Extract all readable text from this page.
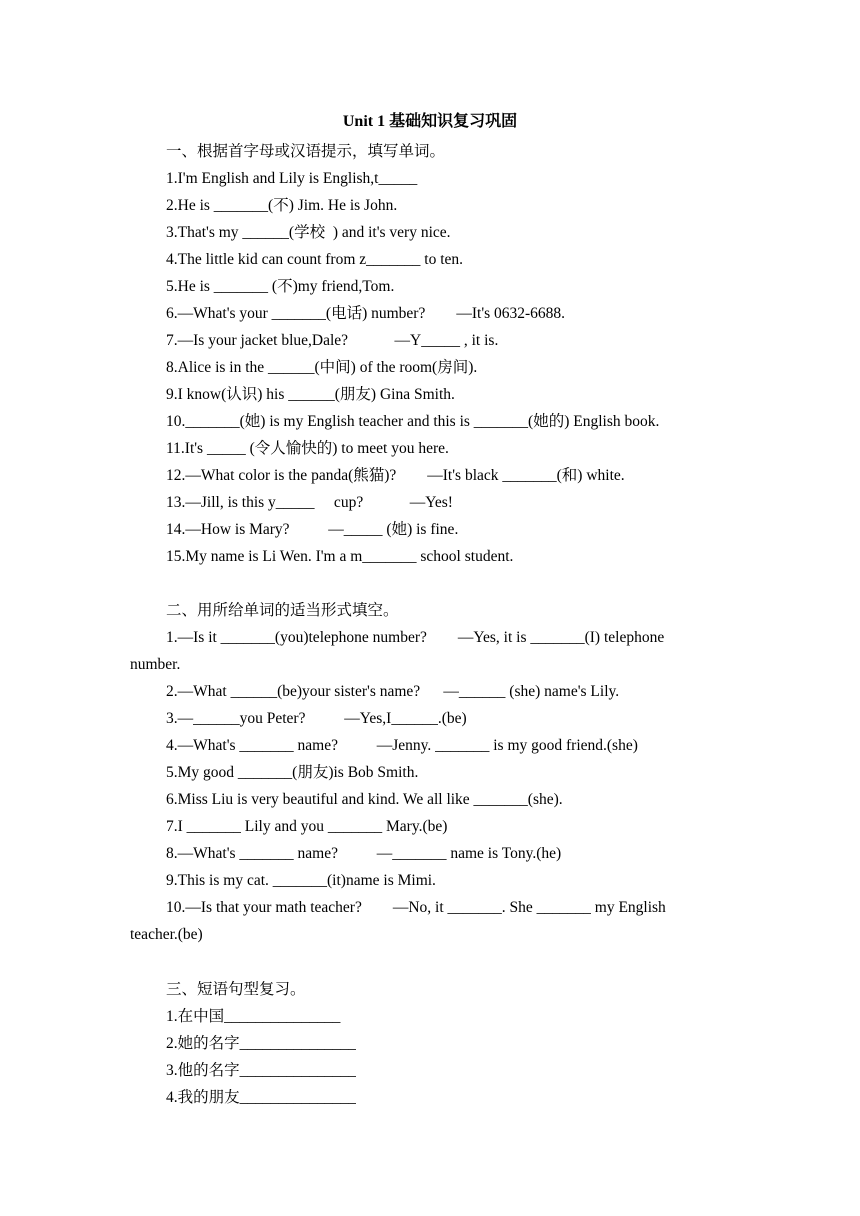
Unit 1 基础知识复习巩固
一、根据首字母或汉语提示，填写单词。
1.I'm English and Lily is English,t_____
2.He is _______(不) Jim. He is John.
3.That's my ______(学校  ) and it's very nice.
4.The little kid can count from z_______ to ten.
5.He is _______ (不)my friend,Tom.
6.—What's your _______(电话) number?        —It's 0632-6688.
7.—Is your jacket blue,Dale?            —Y_____ , it is.
8.Alice is in the ______(中间) of the room(房间).
9.I know(认识) his ______(朋友) Gina Smith.
10._______(她) is my English teacher and this is _______(她的) English book.
11.It's _____ (令人愉快的) to meet you here.
12.—What color is the panda(熊猫)?        —It's black _______(和) white.
13.—Jill, is this y_____     cup?            —Yes!
14.—How is Mary?          —_____ (她) is fine.
15.My name is Li Wen. I'm a m_______ school student.
二、用所给单词的适当形式填空。
1.—Is it _______(you)telephone number?        —Yes, it is _______(I) telephone
number.
2.—What ______(be)your sister's name?      —______ (she) name's Lily.
3.—______you Peter?          —Yes,I______.(be)
4.—What's _______ name?          —Jenny. _______ is my good friend.(she)
5.My good _______(朋友)is Bob Smith.
6.Miss Liu is very beautiful and kind. We all like _______(she).
7.I _______ Lily and you _______ Mary.(be)
8.—What's _______ name?          —_______ name is Tony.(he)
9.This is my cat. _______(it)name is Mimi.
10.—Is that your math teacher?        —No, it _______. She _______ my English
teacher.(be)
三、短语句型复习。
1.在中国_______________
2.她的名字_______________
3.他的名字_______________
4.我的朋友_______________
